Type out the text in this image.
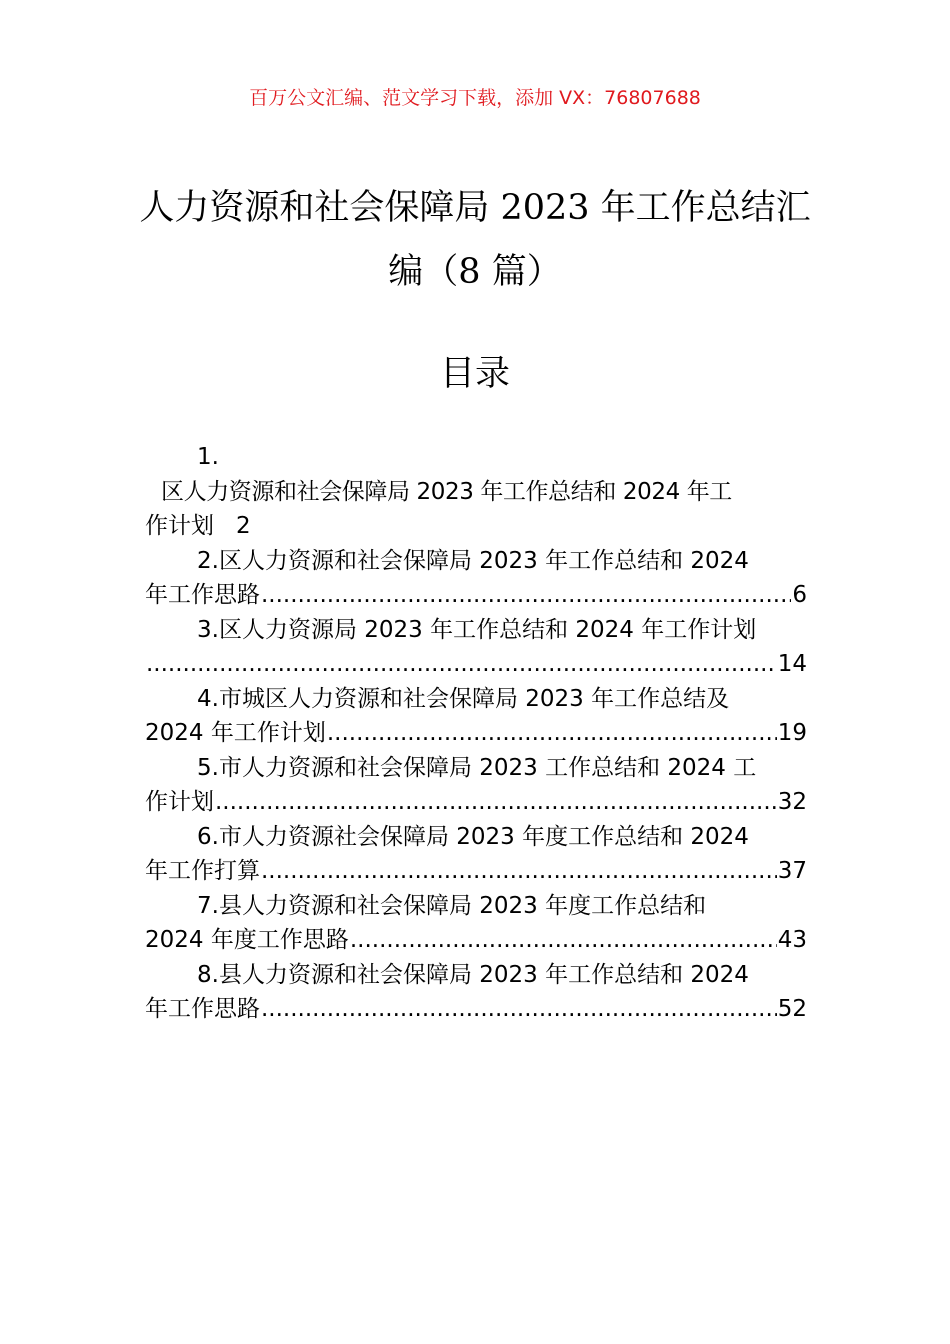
百万公文汇编、范文学习下载，添加 VX：76807688
人力资源和社会保障局 2023 年工作总结汇
编（8 篇）
目录
1.
区人力资源和社会保障局 2023 年工作总结和 2024 年工
作计划 2
2.区人力资源和社会保障局 2023 年工作总结和 2024
年工作思路 .....	6
3.区人力资源局 2023 年工作总结和 2024 年工作计划
.....
14
4.市城区人力资源和社会保障局 2023 年工作总结及
2024 年工作计划 .....	19
5.市人力资源和社会保障局 2023 工作总结和 2024 工
作计划 .....	32
6.市人力资源社会保障局 2023 年度工作总结和 2024
年工作打算 .....	37
7.县人力资源和社会保障局 2023 年度工作总结和
2024 年度工作思路 .....	43
8.县人力资源和社会保障局 2023 年工作总结和 2024
年工作思路 .....	52
